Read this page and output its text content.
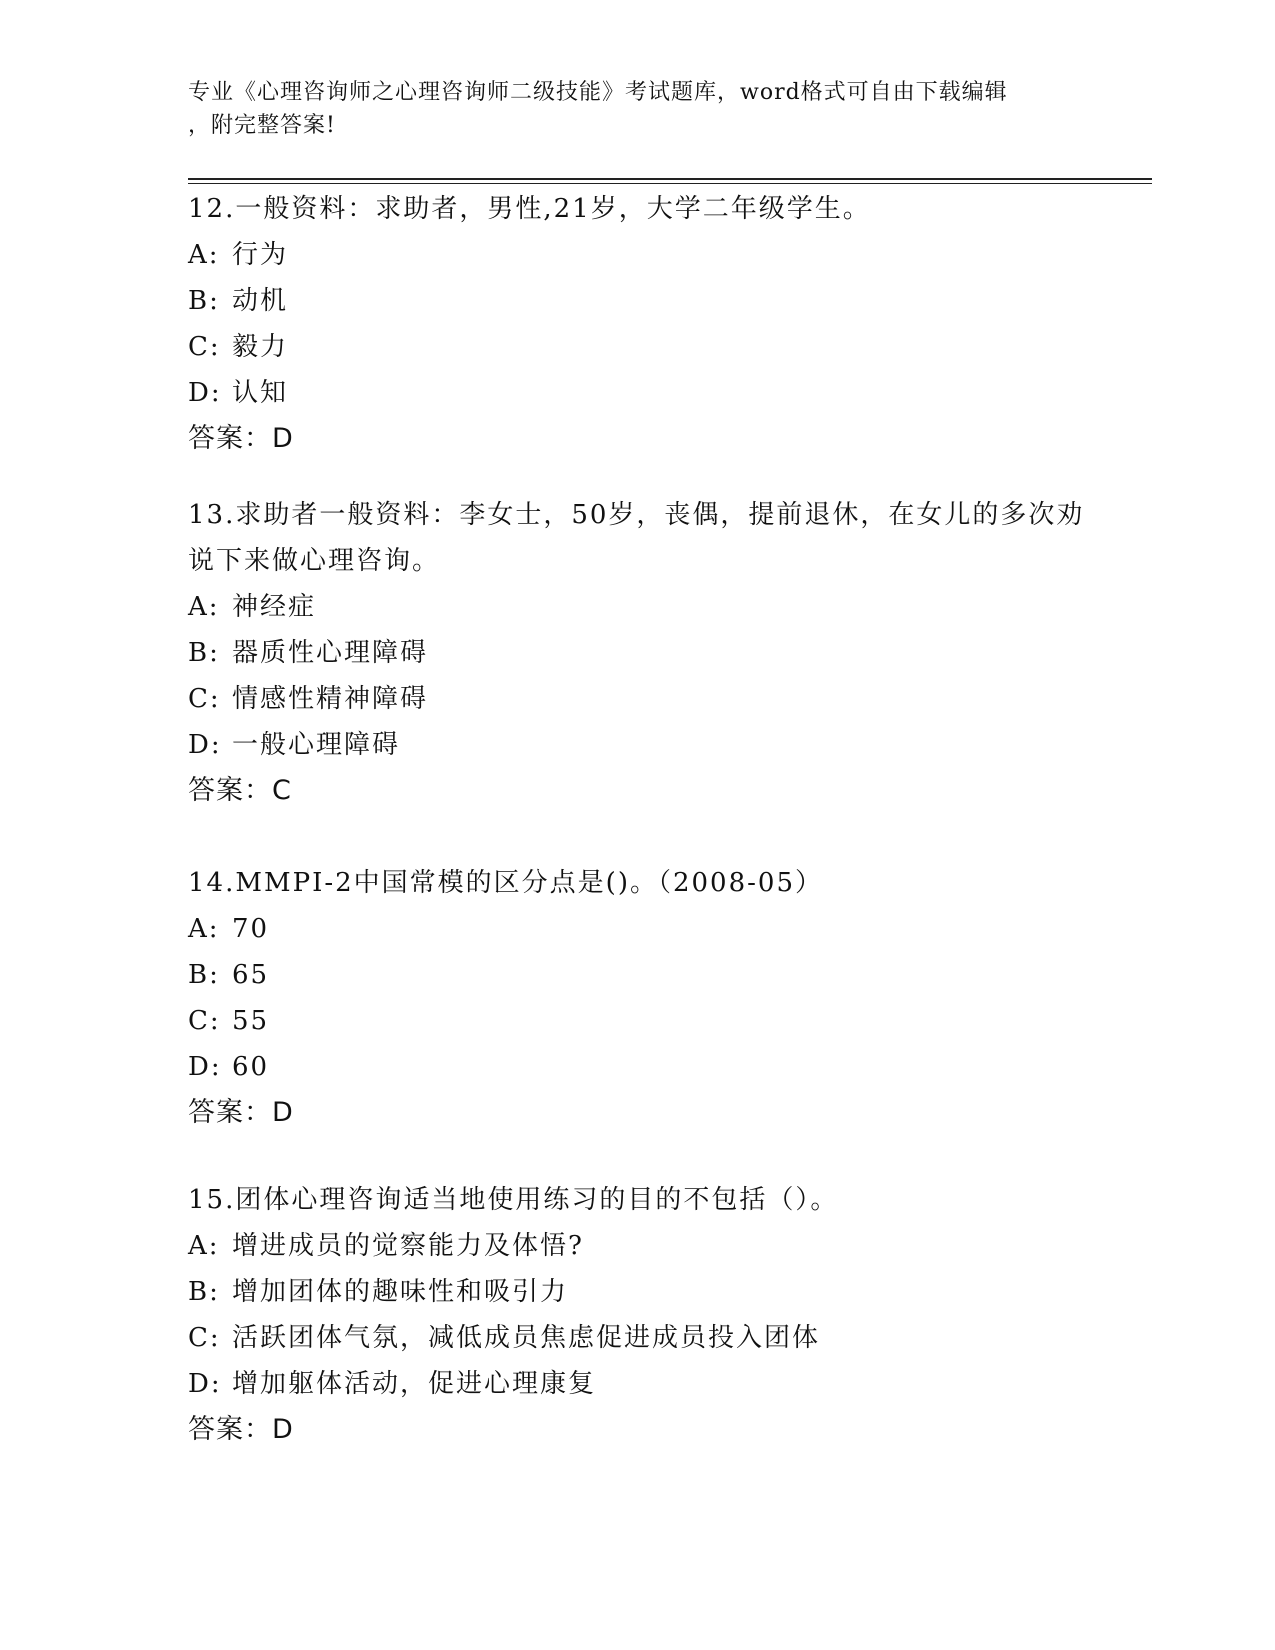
专业《心理咨询师之心理咨询师二级技能》考试题库，word格式可自由下载编辑
，附完整答案!

12.一般资料：求助者，男性,21岁，大学二年级学生。

A: 行为

B: 动机

C: 毅力

D: 认知

答案：D

13.求助者一般资料：李女士，50岁，丧偶，提前退休，在女儿的多次劝说下来做心理咨询。

A: 神经症

B: 器质性心理障碍

C: 情感性精神障碍

D: 一般心理障碍

答案：C

14.MMPI-2中国常模的区分点是()。（2008-05）

A: 70

B: 65

C: 55

D: 60

答案：D

15.团体心理咨询适当地使用练习的目的不包括（）。

A: 增进成员的觉察能力及体悟?

B: 增加团体的趣味性和吸引力

C: 活跃团体气氛，减低成员焦虑促进成员投入团体

D: 增加躯体活动，促进心理康复

答案：D
